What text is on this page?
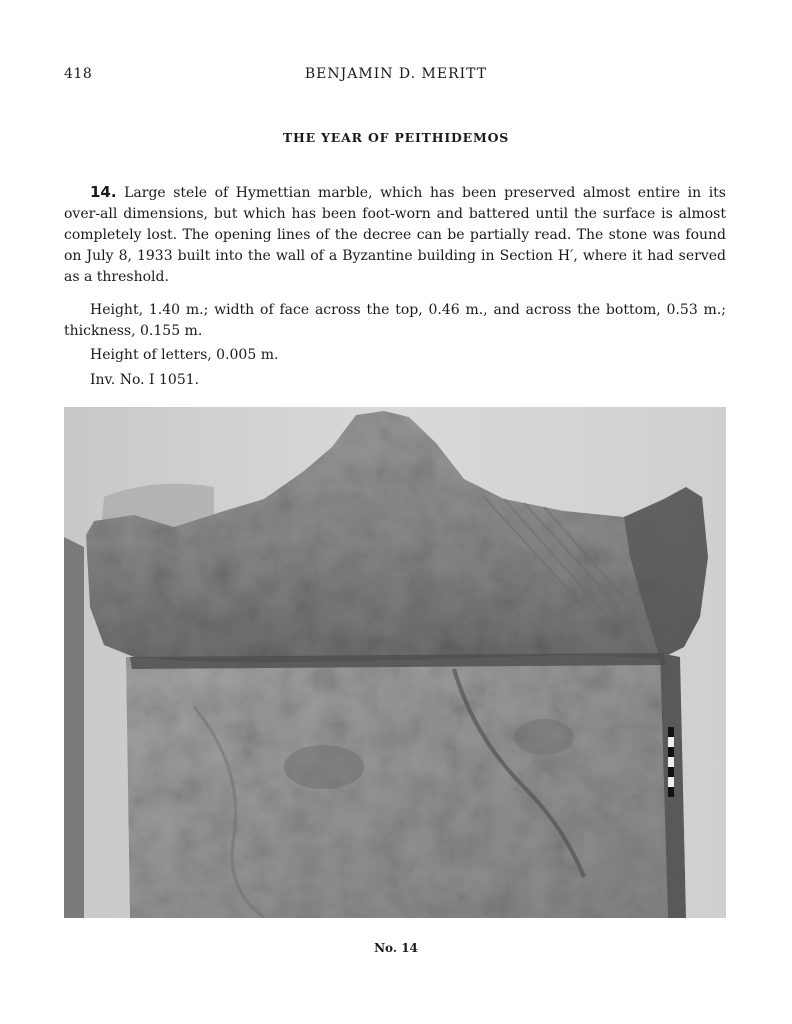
418	BENJAMIN D. MERITT
THE YEAR OF PEITHIDEMOS

14. Large stele of Hymettian marble, which has been preserved almost entire in its over-all dimensions, but which has been foot-worn and battered until the surface is almost completely lost. The opening lines of the decree can be partially read. The stone was found on July 8, 1933 built into the wall of a Byzantine building in Section Η′, where it had served as a threshold.

Height, 1.40 m.; width of face across the top, 0.46 m., and across the bottom, 0.53 m.; thickness, 0.155 m.

Height of letters, 0.005 m.

Inv. No. I 1051.

No. 14
